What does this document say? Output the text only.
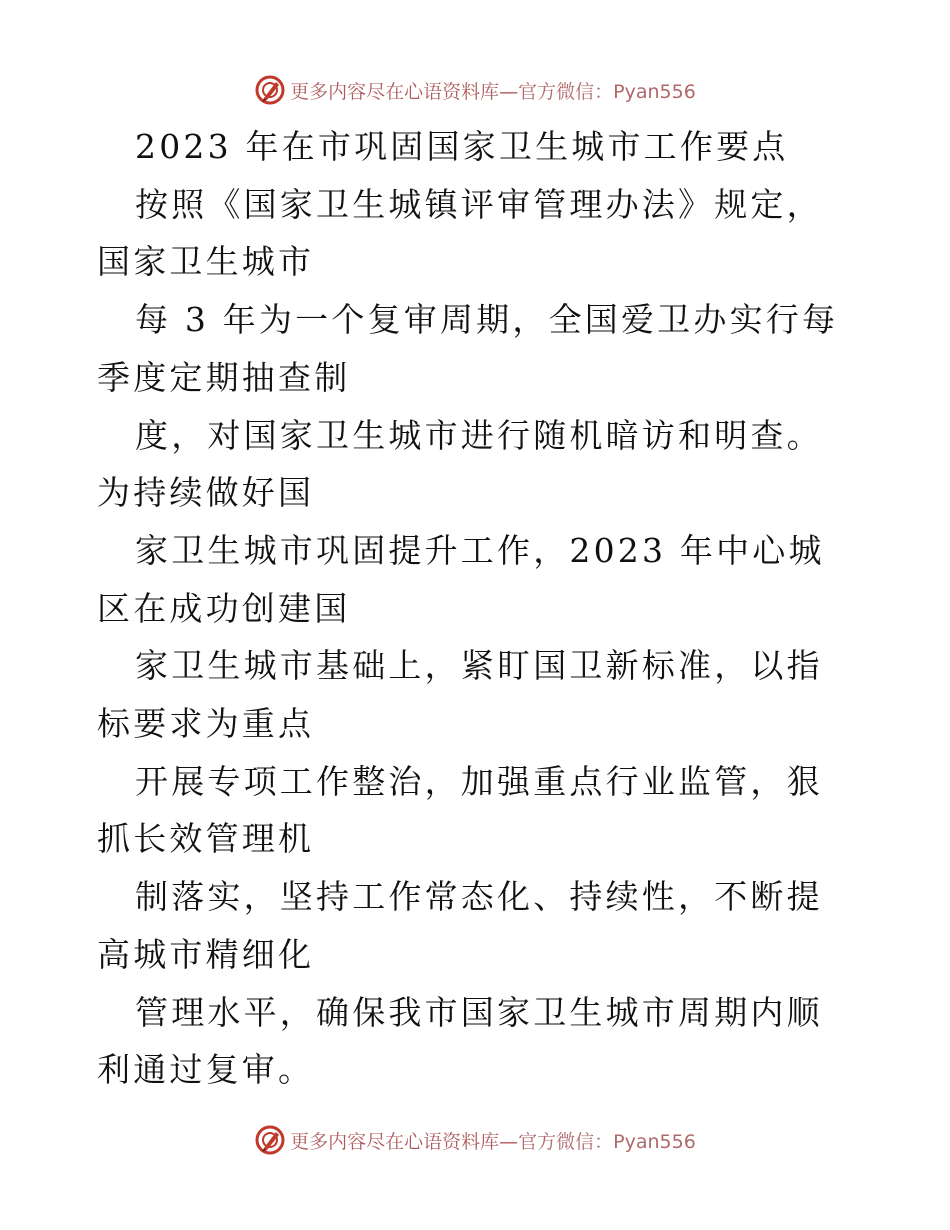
更多内容尽在心语资料库—官方微信：Pyan556

2023 年在市巩固国家卫生城市工作要点

按照《国家卫生城镇评审管理办法》规定，国家卫生城市

每 3 年为一个复审周期，全国爱卫办实行每季度定期抽查制

度，对国家卫生城市进行随机暗访和明查。为持续做好国

家卫生城市巩固提升工作，2023 年中心城区在成功创建国

家卫生城市基础上，紧盯国卫新标准，以指标要求为重点

开展专项工作整治，加强重点行业监管，狠抓长效管理机

制落实，坚持工作常态化、持续性，不断提高城市精细化

管理水平，确保我市国家卫生城市周期内顺利通过复审。

更多内容尽在心语资料库—官方微信：Pyan556
